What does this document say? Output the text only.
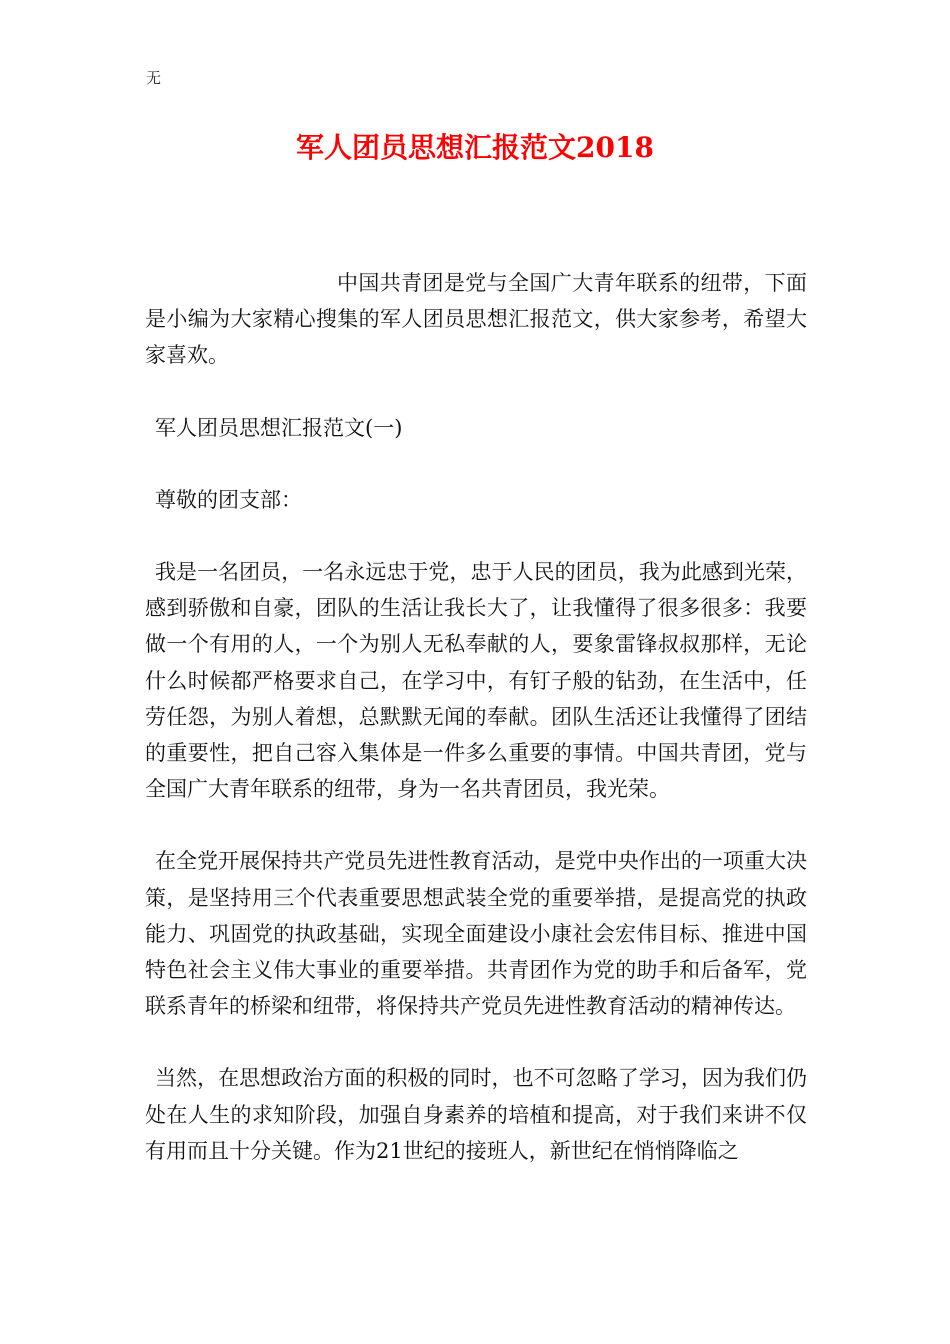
无
军人团员思想汇报范文2018

中国共青团是党与全国广大青年联系的纽带，下面是小编为大家精心搜集的军人团员思想汇报范文，供大家参考，希望大家喜欢。

军人团员思想汇报范文(一)

尊敬的团支部：

我是一名团员，一名永远忠于党，忠于人民的团员，我为此感到光荣，感到骄傲和自豪，团队的生活让我长大了，让我懂得了很多很多：我要做一个有用的人，一个为别人无私奉献的人，要象雷锋叔叔那样，无论什么时候都严格要求自己，在学习中，有钉子般的钻劲，在生活中，任劳任怨，为别人着想，总默默无闻的奉献。团队生活还让我懂得了团结的重要性，把自己容入集体是一件多么重要的事情。中国共青团，党与全国广大青年联系的纽带，身为一名共青团员，我光荣。

在全党开展保持共产党员先进性教育活动，是党中央作出的一项重大决策，是坚持用三个代表重要思想武装全党的重要举措，是提高党的执政能力、巩固党的执政基础，实现全面建设小康社会宏伟目标、推进中国特色社会主义伟大事业的重要举措。共青团作为党的助手和后备军，党联系青年的桥梁和纽带，将保持共产党员先进性教育活动的精神传达。

当然，在思想政治方面的积极的同时，也不可忽略了学习，因为我们仍处在人生的求知阶段，加强自身素养的培植和提高，对于我们来讲不仅有用而且十分关键。作为21世纪的接班人，新世纪在悄悄降临之
